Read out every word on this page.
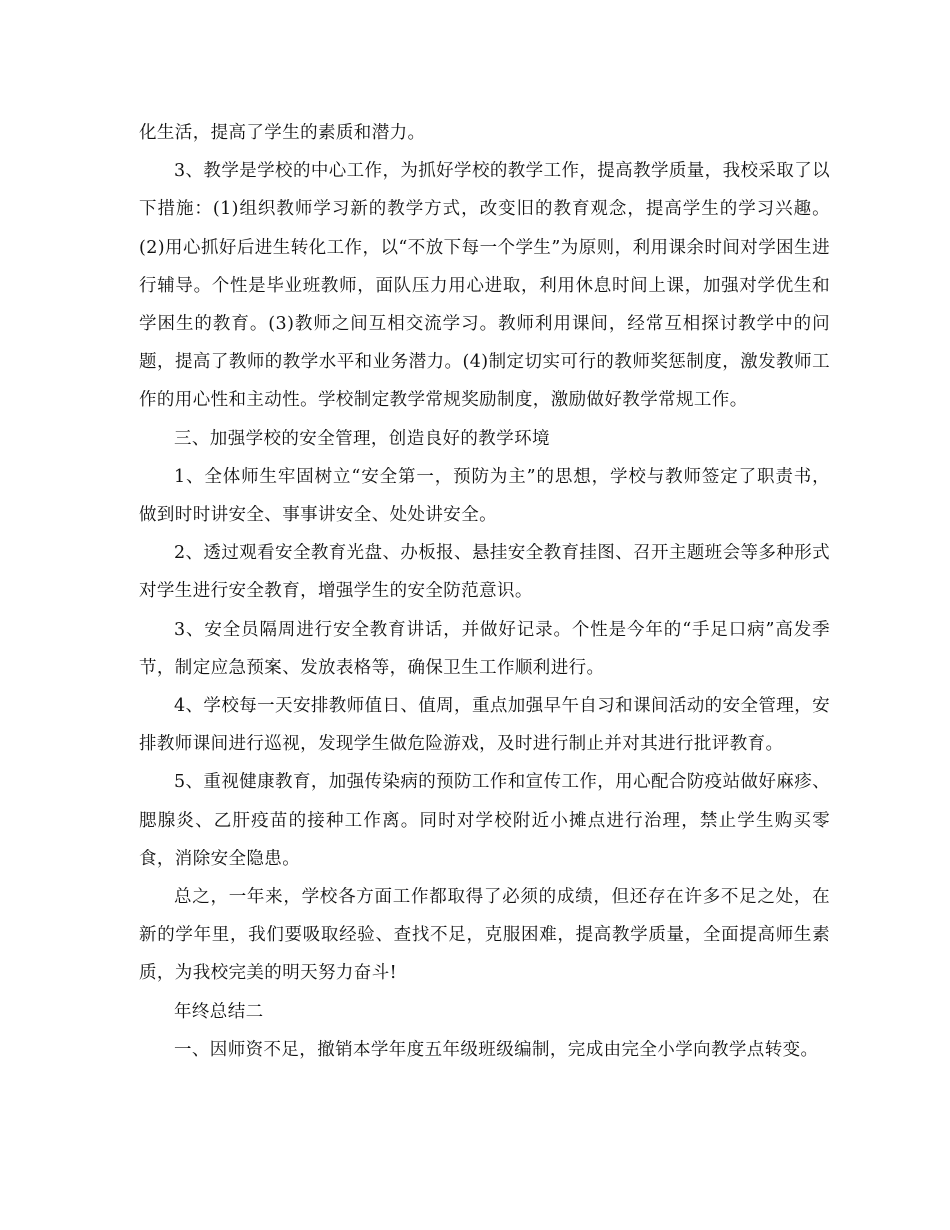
化生活，提高了学生的素质和潜力。

3、教学是学校的中心工作，为抓好学校的教学工作，提高教学质量，我校采取了以下措施：(1)组织教师学习新的教学方式，改变旧的教育观念，提高学生的学习兴趣。(2)用心抓好后进生转化工作，以“不放下每一个学生”为原则，利用课余时间对学困生进行辅导。个性是毕业班教师，面队压力用心进取，利用休息时间上课，加强对学优生和学困生的教育。(3)教师之间互相交流学习。教师利用课间，经常互相探讨教学中的问题，提高了教师的教学水平和业务潜力。(4)制定切实可行的教师奖惩制度，激发教师工作的用心性和主动性。学校制定教学常规奖励制度，激励做好教学常规工作。

三、加强学校的安全管理，创造良好的教学环境

1、全体师生牢固树立“安全第一，预防为主”的思想，学校与教师签定了职责书，做到时时讲安全、事事讲安全、处处讲安全。

2、透过观看安全教育光盘、办板报、悬挂安全教育挂图、召开主题班会等多种形式对学生进行安全教育，增强学生的安全防范意识。

3、安全员隔周进行安全教育讲话，并做好记录。个性是今年的“手足口病”高发季节，制定应急预案、发放表格等，确保卫生工作顺利进行。

4、学校每一天安排教师值日、值周，重点加强早午自习和课间活动的安全管理，安排教师课间进行巡视，发现学生做危险游戏，及时进行制止并对其进行批评教育。

5、重视健康教育，加强传染病的预防工作和宣传工作，用心配合防疫站做好麻疹、腮腺炎、乙肝疫苗的接种工作离。同时对学校附近小摊点进行治理，禁止学生购买零食，消除安全隐患。

总之，一年来，学校各方面工作都取得了必须的成绩，但还存在许多不足之处，在新的学年里，我们要吸取经验、查找不足，克服困难，提高教学质量，全面提高师生素质，为我校完美的明天努力奋斗!

年终总结二

一、因师资不足，撤销本学年度五年级班级编制，完成由完全小学向教学点转变。
